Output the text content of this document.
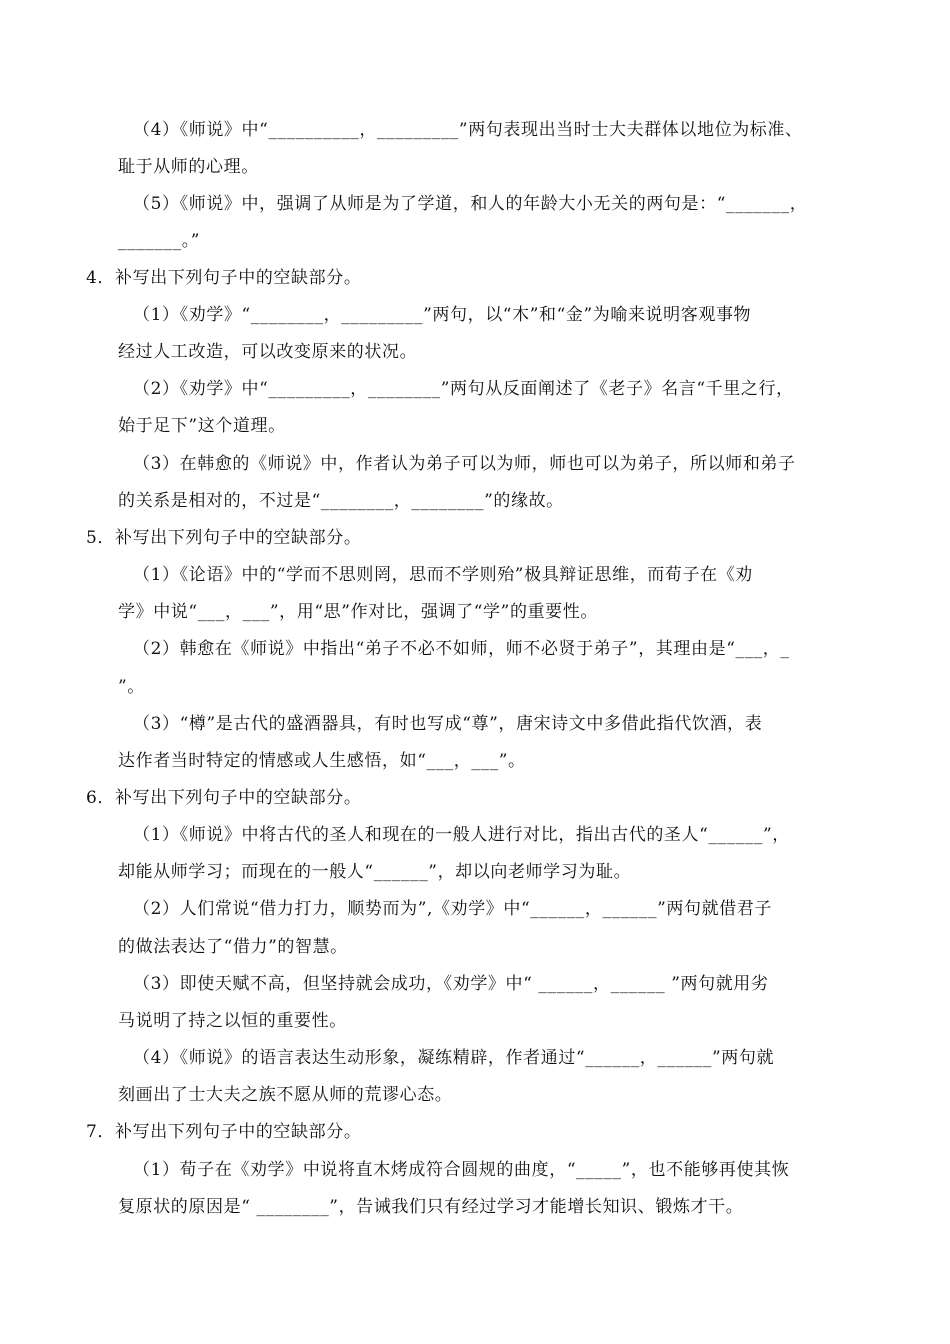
（4）《师说》中“__________，_________”两句表现出当时士大夫群体以地位为标准、
耻于从师的心理。
（5）《师说》中，强调了从师是为了学道，和人的年龄大小无关的两句是：“_______，
_______。”
4．补写出下列句子中的空缺部分。
（1）《劝学》“________，_________”两句，以“木”和“金”为喻来说明客观事物
经过人工改造，可以改变原来的状况。
（2）《劝学》中“_________，________”两句从反面阐述了《老子》名言“千里之行，
始于足下”这个道理。
（3）在韩愈的《师说》中，作者认为弟子可以为师，师也可以为弟子，所以师和弟子
的关系是相对的，不过是“________，________”的缘故。
5．补写出下列句子中的空缺部分。
（1）《论语》中的“学而不思则罔，思而不学则殆”极具辩证思维，而荀子在《劝
学》中说“___，___”，用“思”作对比，强调了“学”的重要性。
（2）韩愈在《师说》中指出“弟子不必不如师，师不必贤于弟子”，其理由是“___，_
”。
（3）“樽”是古代的盛酒器具，有时也写成“尊”，唐宋诗文中多借此指代饮酒，表
达作者当时特定的情感或人生感悟，如“___，___”。
6．补写出下列句子中的空缺部分。
（1）《师说》中将古代的圣人和现在的一般人进行对比，指出古代的圣人“______”，
却能从师学习；而现在的一般人“______”，却以向老师学习为耻。
（2）人们常说“借力打力，顺势而为”,《劝学》中“______，______”两句就借君子
的做法表达了“借力”的智慧。
（3）即使天赋不高，但坚持就会成功，《劝学》中“ ______，______ ”两句就用劣
马说明了持之以恒的重要性。
（4）《师说》的语言表达生动形象，凝练精辟，作者通过“______，______”两句就
刻画出了士大夫之族不愿从师的荒谬心态。
7．补写出下列句子中的空缺部分。
（1）荀子在《劝学》中说将直木烤成符合圆规的曲度，“_____”，也不能够再使其恢
复原状的原因是“ ________”，告诫我们只有经过学习才能增长知识、锻炼才干。
